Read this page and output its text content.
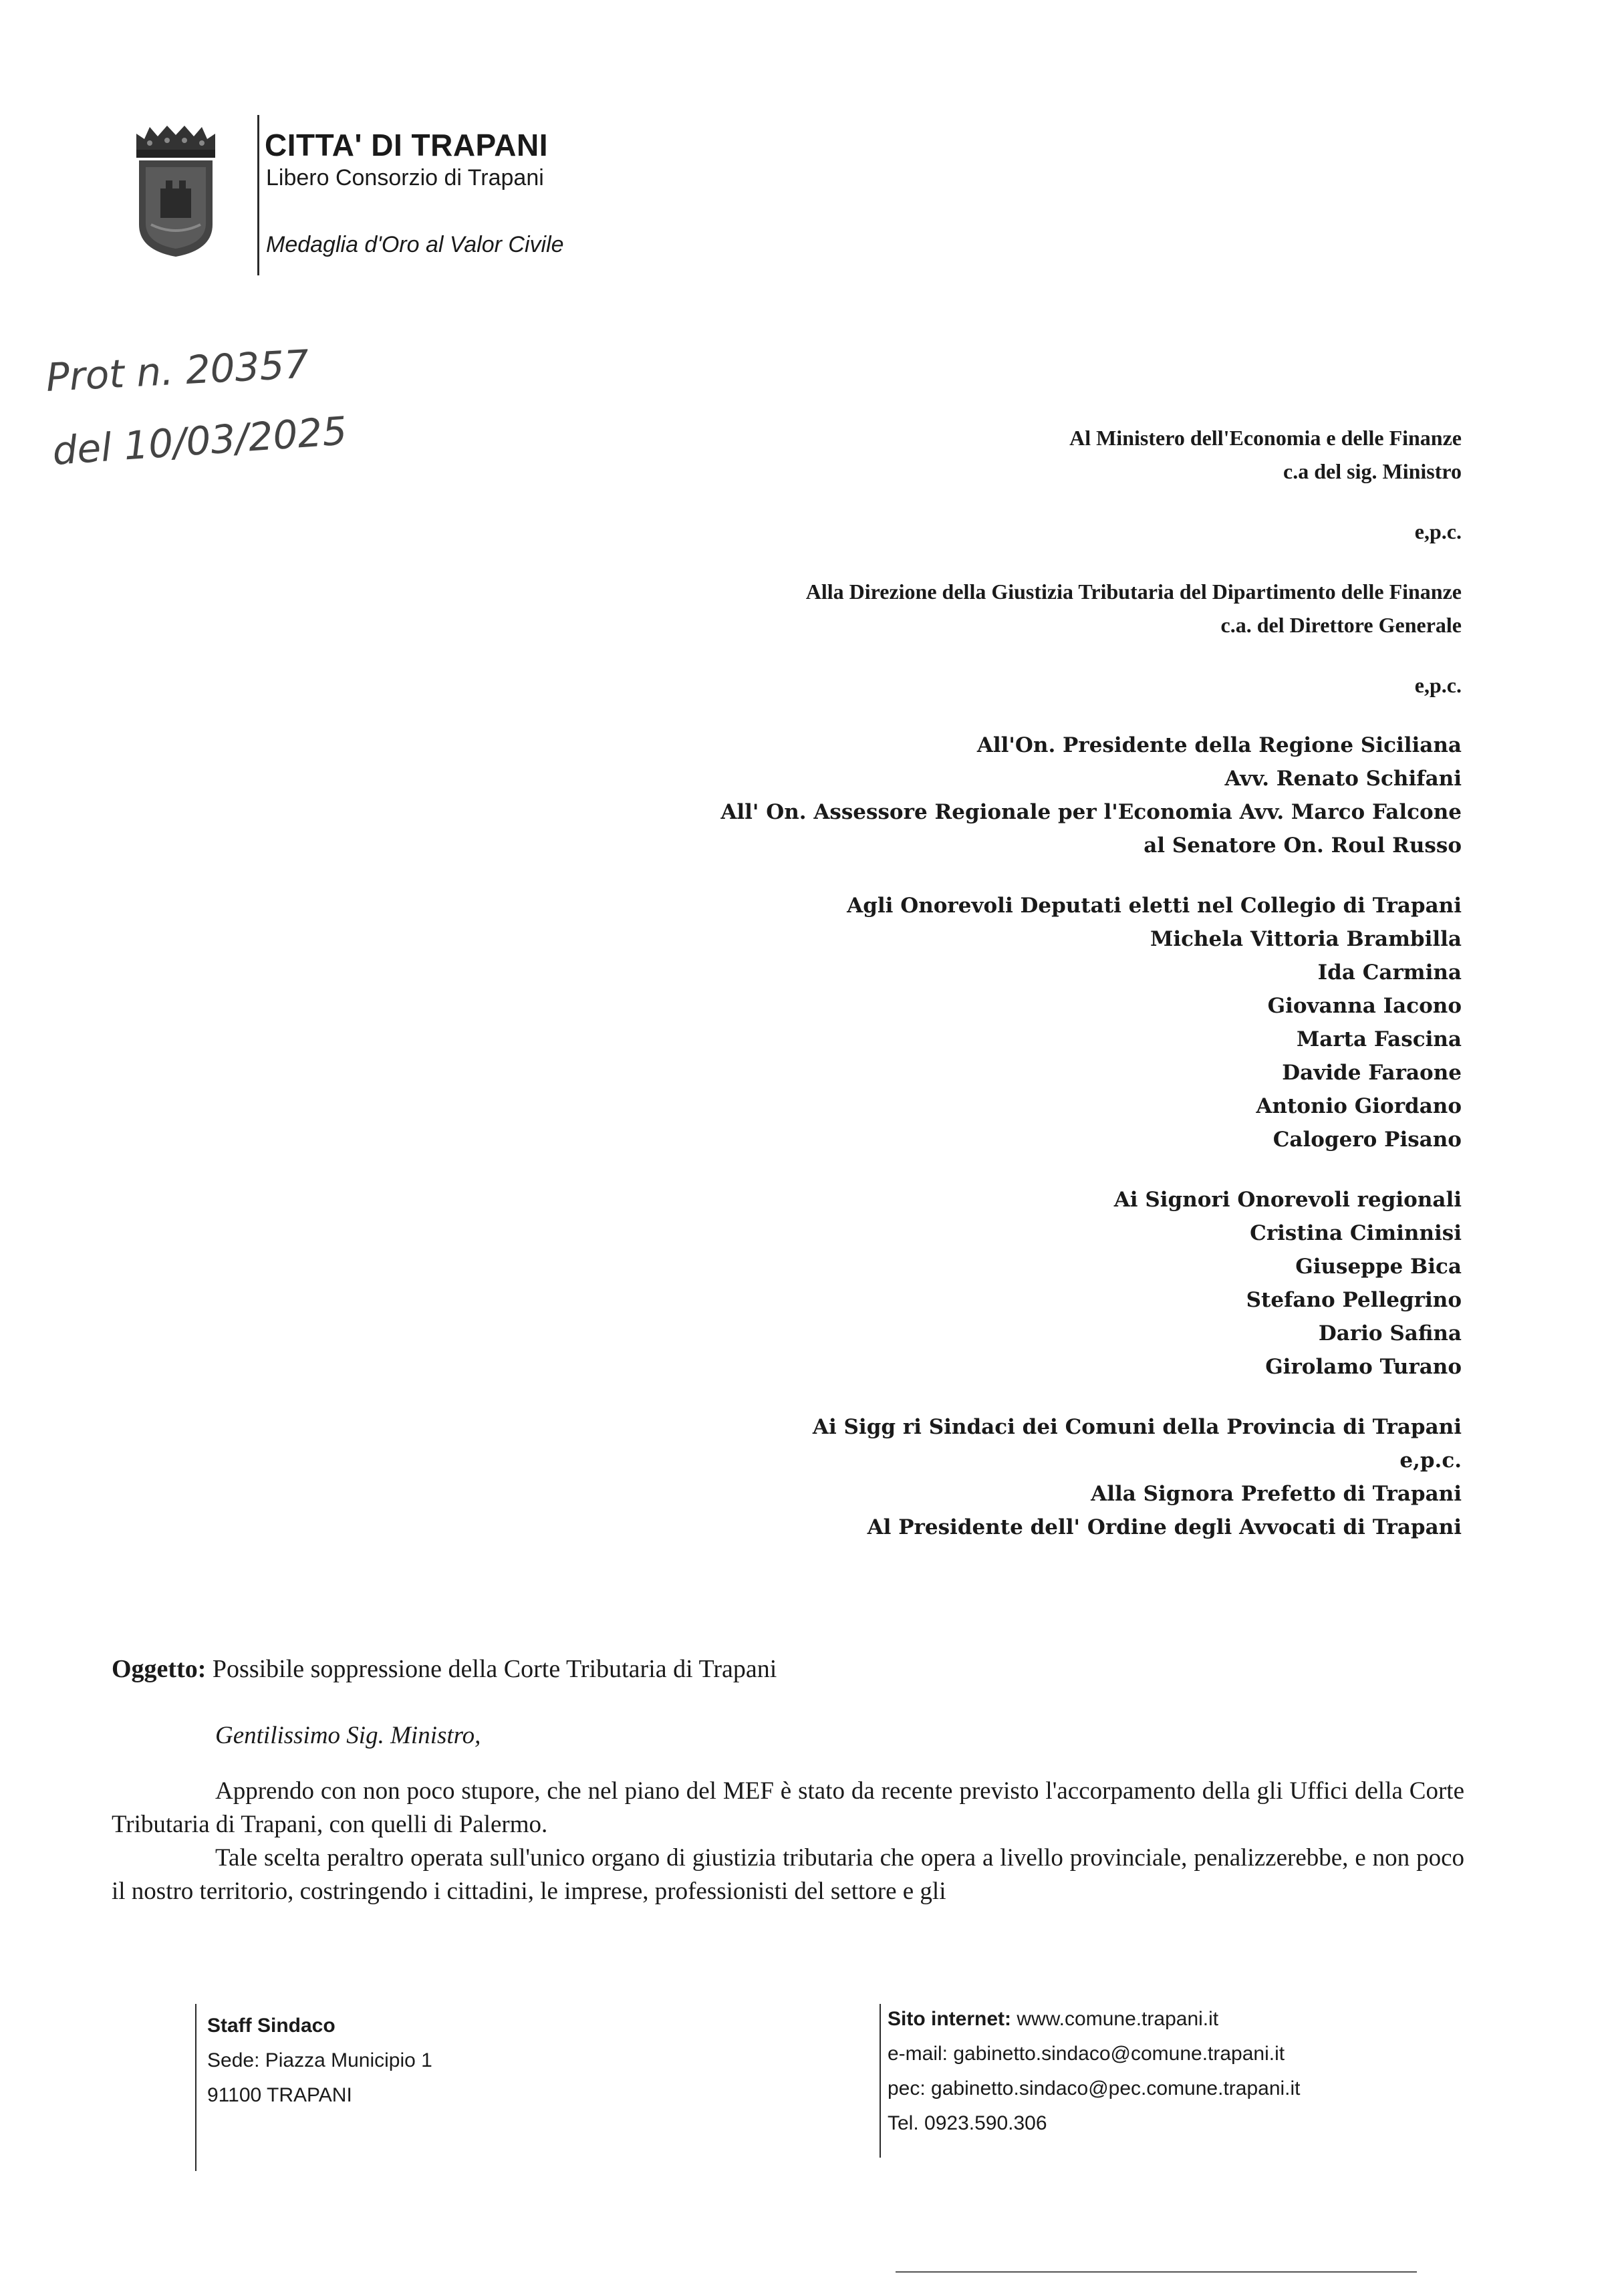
CITTA' DI TRAPANI
Libero Consorzio di Trapani
Medaglia d'Oro al Valor Civile
Prot n. 20357
del 10/03/2025	Al Ministero dell'Economia e delle Finanze
c.a del sig. Ministro
e,p.c.
Alla Direzione della Giustizia Tributaria del Dipartimento delle Finanze
c.a. del Direttore Generale
e,p.c.
All'On. Presidente della Regione Siciliana
Avv. Renato Schifani
All' On. Assessore Regionale per l'Economia Avv. Marco Falcone
al Senatore On. Roul Russo
Agli Onorevoli Deputati eletti nel Collegio di Trapani
Michela Vittoria Brambilla
Ida Carmina
Giovanna Iacono
Marta Fascina
Davide Faraone
Antonio Giordano
Calogero Pisano
Ai Signori Onorevoli regionali
Cristina Ciminnisi
Giuseppe Bica
Stefano Pellegrino
Dario Safina
Girolamo Turano
Ai Sigg ri Sindaci dei Comuni della Provincia di Trapani
e,p.c.
Alla Signora Prefetto di Trapani
Al Presidente dell' Ordine degli Avvocati di Trapani
Oggetto: Possibile soppressione della Corte Tributaria di Trapani
Gentilissimo Sig. Ministro,

Apprendo con non poco stupore, che nel piano del MEF è stato da recente previsto l'accorpamento della gli Uffici della Corte Tributaria di Trapani, con quelli di Palermo.

Tale scelta peraltro operata sull'unico organo di giustizia tributaria che opera a livello provinciale, penalizzerebbe, e non poco il nostro territorio, costringendo i cittadini, le imprese, professionisti del settore e gli

Staff Sindaco
Sede: Piazza Municipio 1
91100 TRAPANI
Sito internet: www.comune.trapani.it
e-mail: gabinetto.sindaco@comune.trapani.it
pec: gabinetto.sindaco@pec.comune.trapani.it
Tel. 0923.590.306
